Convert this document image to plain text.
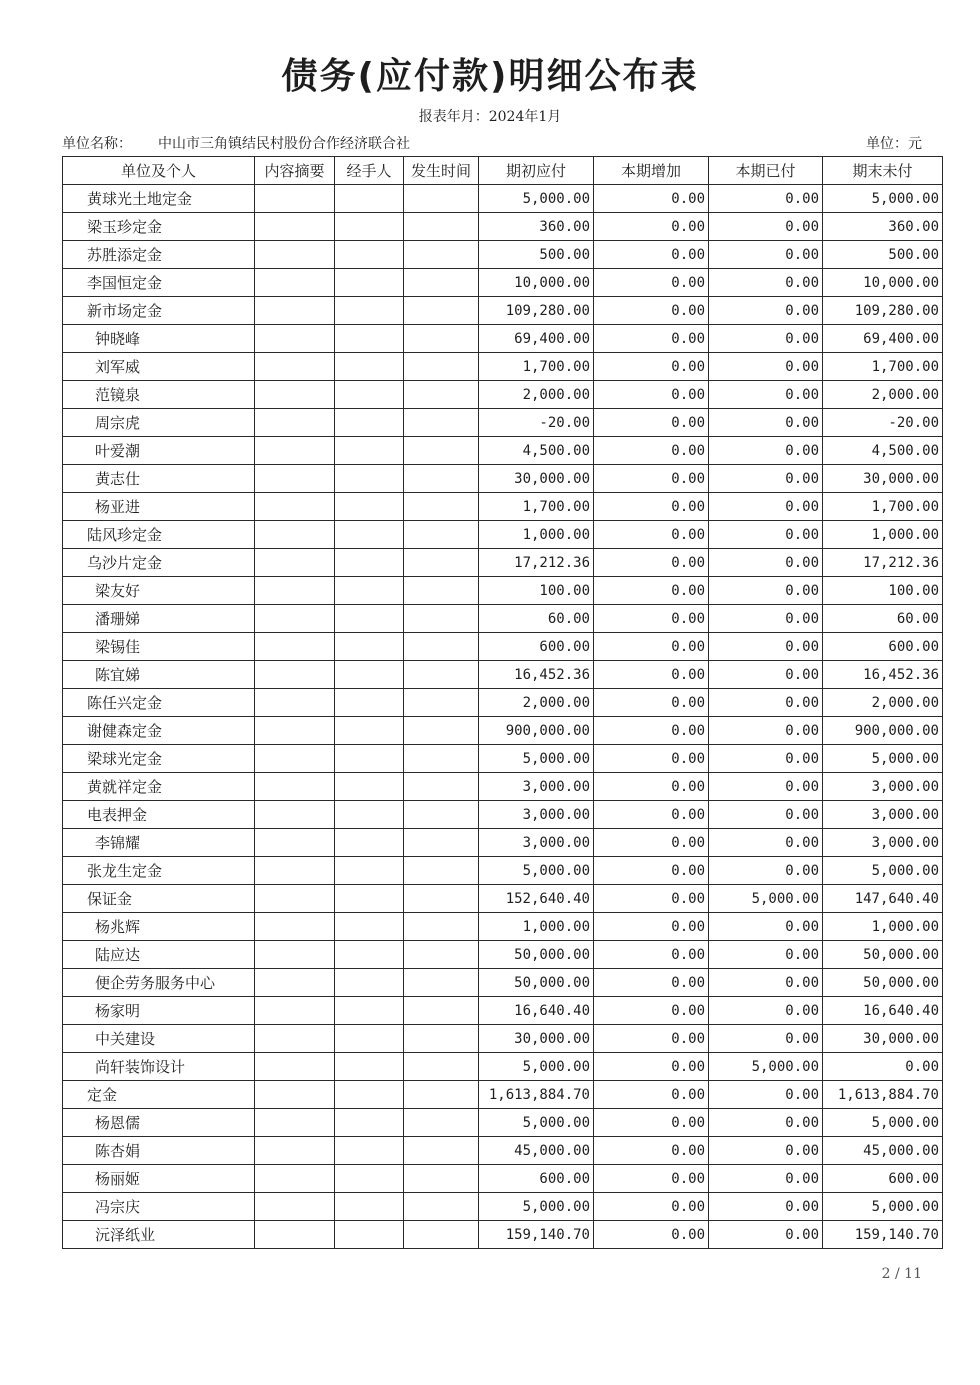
债务(应付款)明细公布表
报表年月：2024年1月
单位名称： 中山市三角镇结民村股份合作经济联合社	单位：元
单位及个人	内容摘要	经手人	发生时间	期初应付	本期增加	本期已付	期末未付
黄球光土地定金				5,000.00	0.00	0.00	5,000.00
梁玉珍定金				360.00	0.00	0.00	360.00
苏胜添定金				500.00	0.00	0.00	500.00
李国恒定金				10,000.00	0.00	0.00	10,000.00
新市场定金				109,280.00	0.00	0.00	109,280.00
钟晓峰				69,400.00	0.00	0.00	69,400.00
刘军威				1,700.00	0.00	0.00	1,700.00
范镜泉				2,000.00	0.00	0.00	2,000.00
周宗虎				-20.00	0.00	0.00	-20.00
叶爱潮				4,500.00	0.00	0.00	4,500.00
黄志仕				30,000.00	0.00	0.00	30,000.00
杨亚进				1,700.00	0.00	0.00	1,700.00
陆风珍定金				1,000.00	0.00	0.00	1,000.00
乌沙片定金				17,212.36	0.00	0.00	17,212.36
梁友好				100.00	0.00	0.00	100.00
潘珊娣				60.00	0.00	0.00	60.00
梁锡佳				600.00	0.00	0.00	600.00
陈宜娣				16,452.36	0.00	0.00	16,452.36
陈任兴定金				2,000.00	0.00	0.00	2,000.00
谢健森定金				900,000.00	0.00	0.00	900,000.00
梁球光定金				5,000.00	0.00	0.00	5,000.00
黄就祥定金				3,000.00	0.00	0.00	3,000.00
电表押金				3,000.00	0.00	0.00	3,000.00
李锦耀				3,000.00	0.00	0.00	3,000.00
张龙生定金				5,000.00	0.00	0.00	5,000.00
保证金				152,640.40	0.00	5,000.00	147,640.40
杨兆辉				1,000.00	0.00	0.00	1,000.00
陆应达				50,000.00	0.00	0.00	50,000.00
便企劳务服务中心				50,000.00	0.00	0.00	50,000.00
杨家明				16,640.40	0.00	0.00	16,640.40
中关建设				30,000.00	0.00	0.00	30,000.00
尚轩装饰设计				5,000.00	0.00	5,000.00	0.00
定金				1,613,884.70	0.00	0.00	1,613,884.70
杨恩儒				5,000.00	0.00	0.00	5,000.00
陈杏娟				45,000.00	0.00	0.00	45,000.00
杨丽姬				600.00	0.00	0.00	600.00
冯宗庆				5,000.00	0.00	0.00	5,000.00
沅泽纸业				159,140.70	0.00	0.00	159,140.70
2 / 11
